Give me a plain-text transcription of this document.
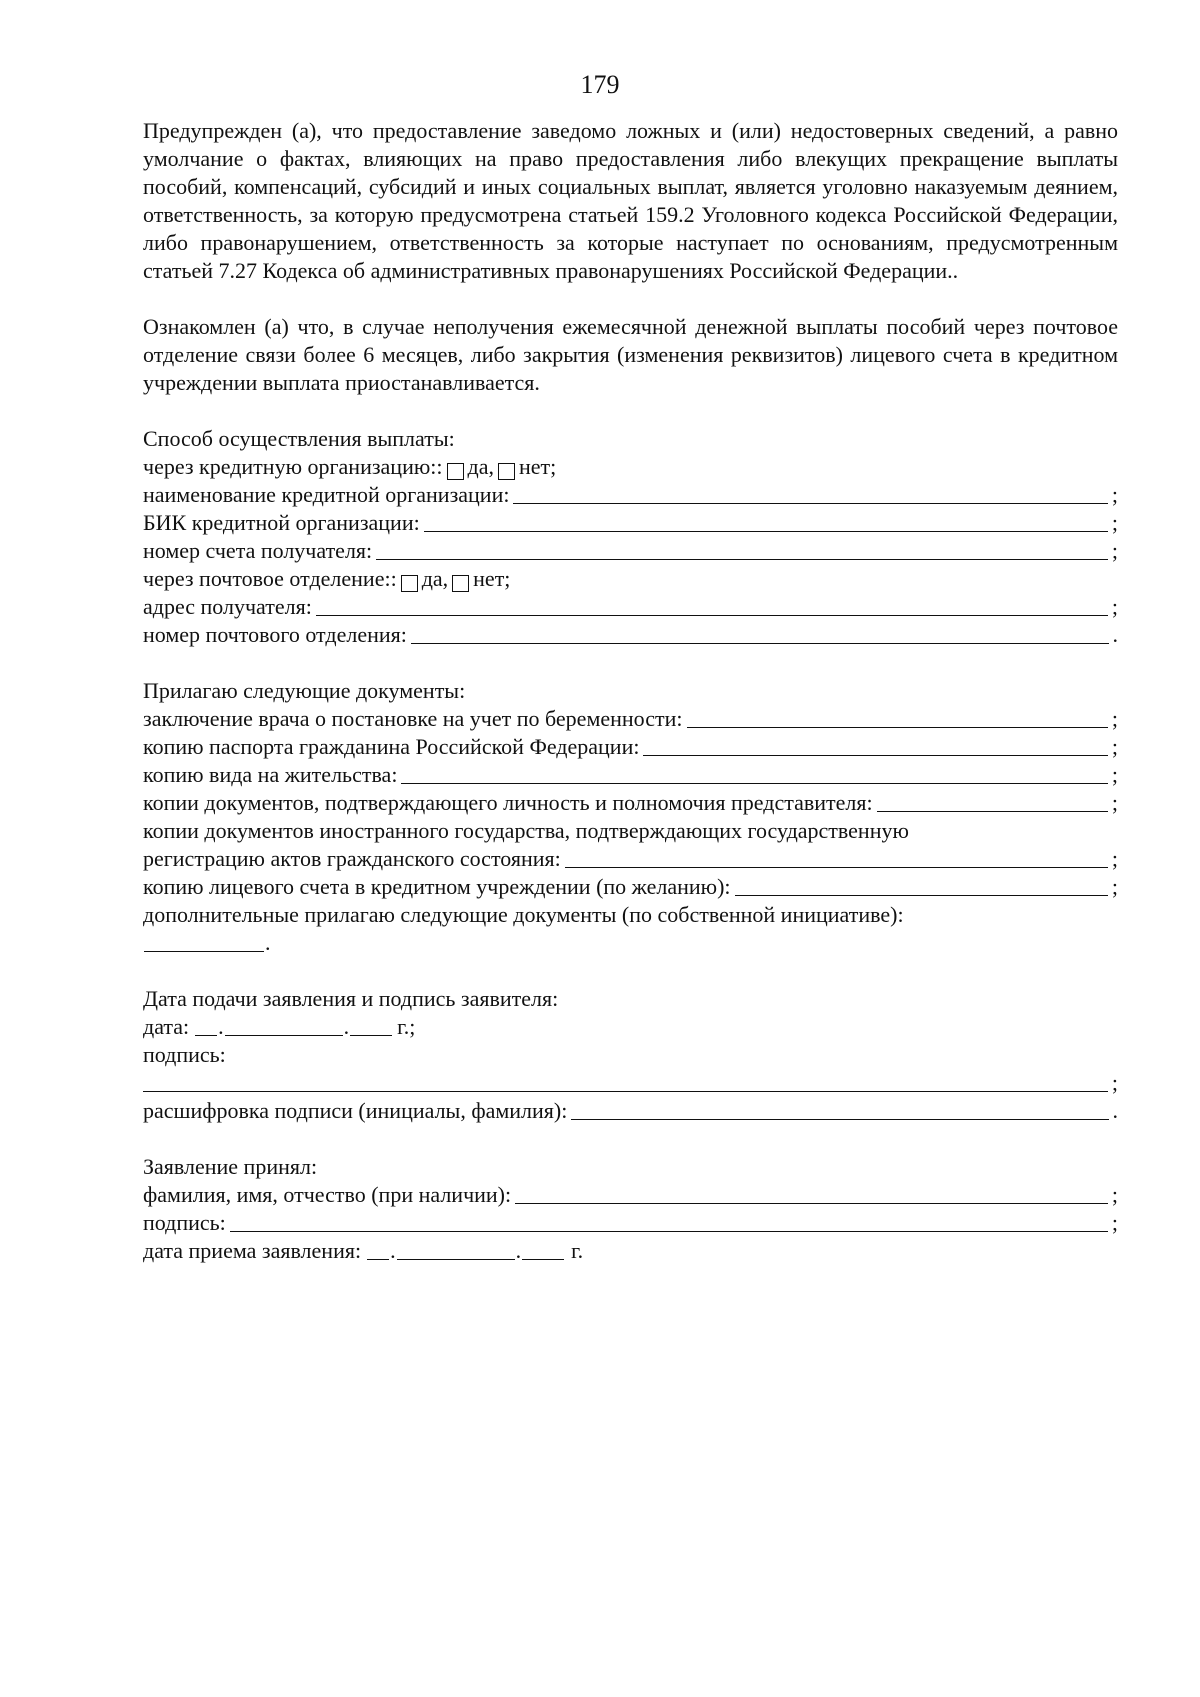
179

Предупрежден (а), что предоставление заведомо ложных и (или) недостоверных сведений, а равно умолчание о фактах, влияющих на право предоставления либо влекущих прекращение выплаты пособий, компенсаций, субсидий и иных социальных выплат, является уголовно наказуемым деянием, ответственность, за которую предусмотрена статьей 159.2 Уголовного кодекса Российской Федерации, либо правонарушением, ответственность за которые наступает по основаниям, предусмотренным статьей 7.27 Кодекса об административных правонарушениях Российской Федерации..

Ознакомлен (а) что, в случае неполучения ежемесячной денежной выплаты пособий через почтовое отделение связи более 6 месяцев, либо закрытия (изменения реквизитов) лицевого счета в кредитном учреждении выплата приостанавливается.

Способ осуществления выплаты:
через кредитную организацию:: да, нет;
наименование кредитной организации:	;
БИК кредитной организации:	;
номер счета получателя:	;
через почтовое отделение:: да, нет;
адрес получателя:	;
номер почтового отделения:	.
Прилагаю следующие документы:
заключение врача о постановке на учет по беременности:	;
копию паспорта гражданина Российской Федерации:	;
копию вида на жительства:	;
копии документов, подтверждающего личность и полномочия представителя:	;
копии документов иностранного государства, подтверждающих государственную
регистрацию актов гражданского состояния:	;
копию лицевого счета в кредитном учреждении (по желанию):	;
дополнительные прилагаю следующие документы (по собственной инициативе):
.
Дата подачи заявления и подпись заявителя:
дата: .	. г.;
подпись:
;
расшифровка подписи (инициалы, фамилия):	.
Заявление принял:
фамилия, имя, отчество (при наличии):	;
подпись:	;
дата приема заявления: .	. г.
